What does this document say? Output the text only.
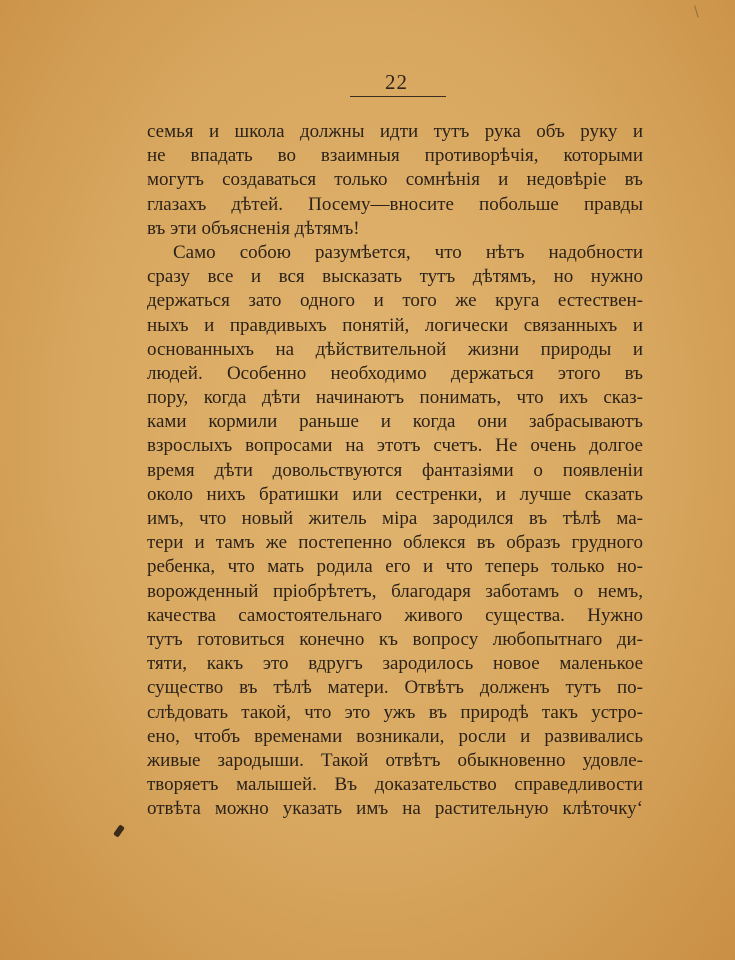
\
22
семья и школа должны идти тутъ рука объ руку и
не впадать во взаимныя противорѣчія, которыми
могутъ создаваться только сомнѣнія и недовѣріе въ
глазахъ дѣтей. Посему—вносите побольше правды
въ эти объясненія дѣтямъ!
Само собою разумѣется, что нѣтъ надобности
сразу все и вся высказать тутъ дѣтямъ, но нужно
держаться зато одного и того же круга естествен-
ныхъ и правдивыхъ понятій, логически связанныхъ и
основанныхъ на дѣйствительной жизни природы и
людей. Особенно необходимо держаться этого въ
пору, когда дѣти начинаютъ понимать, что ихъ сказ-
ками кормили раньше и когда они забрасываютъ
взрослыхъ вопросами на этотъ счетъ. Не очень долгое
время дѣти довольствуются фантазіями о появленіи
около нихъ братишки или сестренки, и лучше сказать
имъ, что новый житель міра зародился въ тѣлѣ ма-
тери и тамъ же постепенно облекся въ образъ грудного
ребенка, что мать родила его и что теперь только но-
ворожденный пріобрѣтетъ, благодаря заботамъ о немъ,
качества самостоятельнаго живого существа. Нужно
тутъ готовиться конечно къ вопросу любопытнаго ди-
тяти, какъ это вдругъ зародилось новое маленькое
существо въ тѣлѣ матери. Отвѣтъ долженъ тутъ по-
слѣдовать такой, что это ужъ въ природѣ такъ устро-
ено, чтобъ временами возникали, росли и развивались
живые зародыши. Такой отвѣтъ обыкновенно удовле-
творяетъ малышей. Въ доказательство справедливости
отвѣта можно указать имъ на растительную клѣточку‘
